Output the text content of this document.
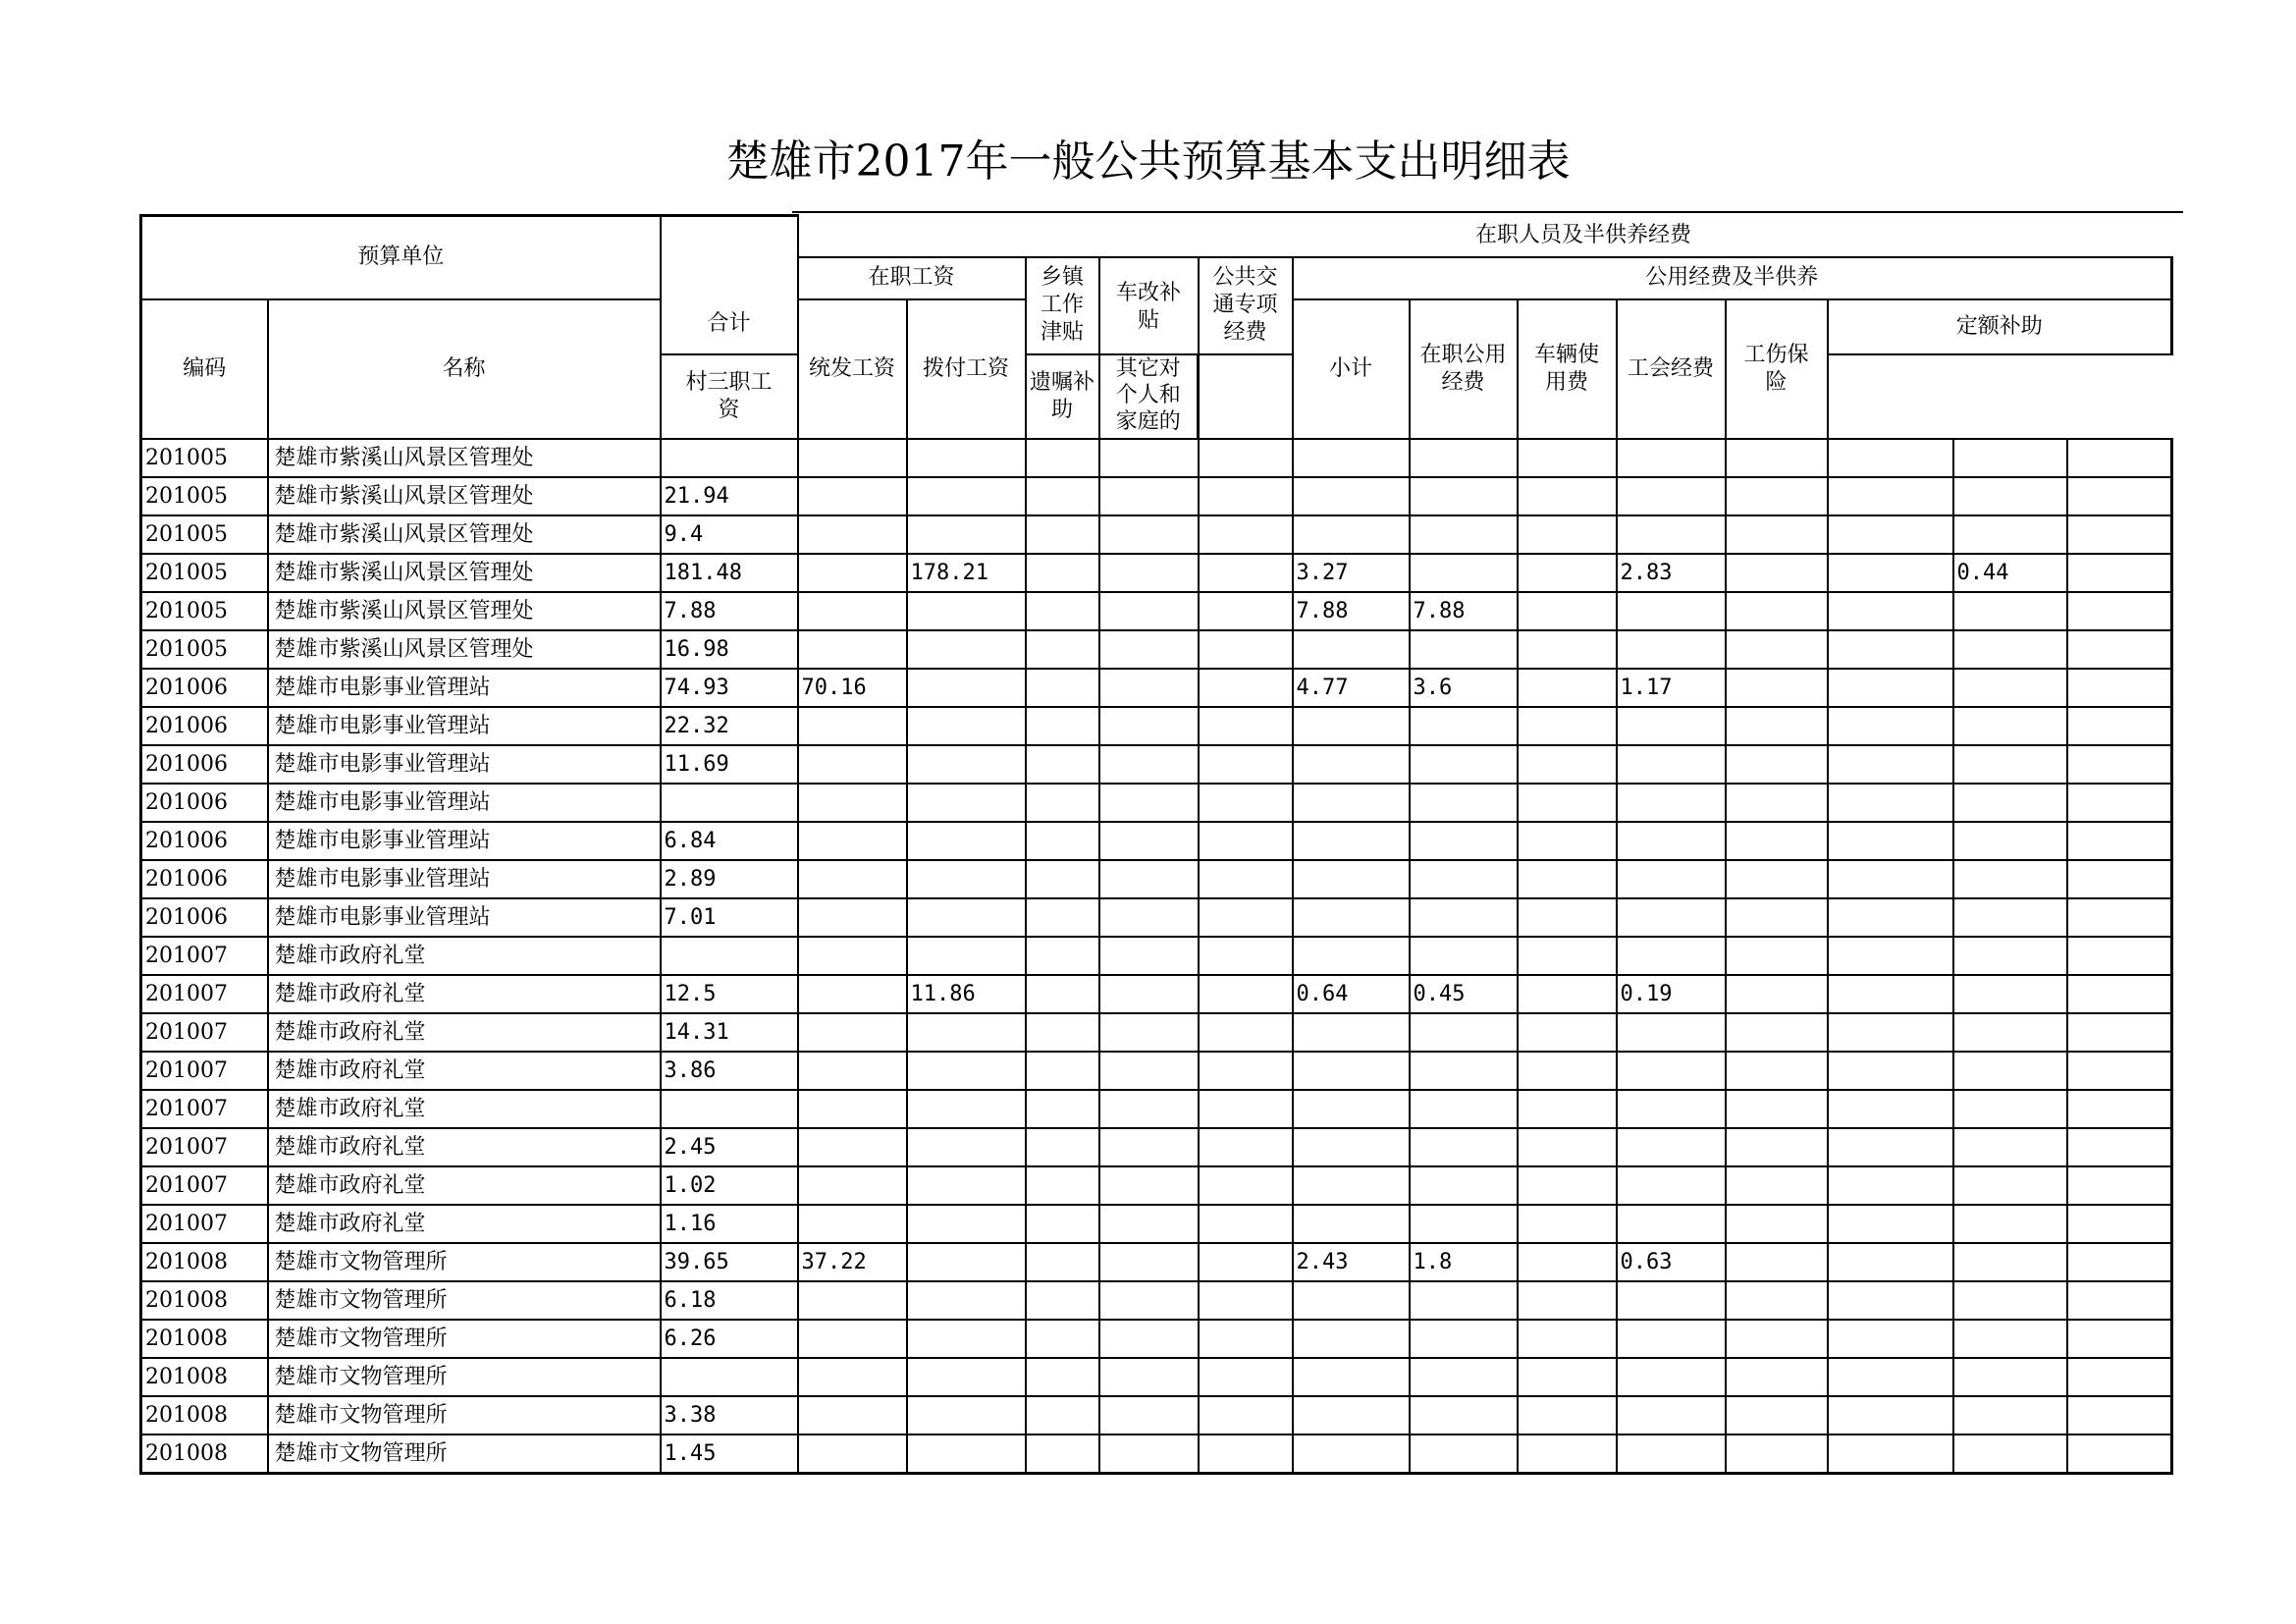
楚雄市2017年一般公共预算基本支出明细表
预算单位		合计	在职人员及半供养经费												
			在职工资		乡镇工作津贴	车改补贴	公共交通专项经费	公用经费及半供养							
编码	名称		统发工资	拨付工资				小计	在职公用经费	车辆使用费	工会经费	工伤保险	定额补助		
		村三职工资			遗嘱补助	其它对个人和家庭的									
201005	楚雄市紫溪山风景区管理处														
201005	楚雄市紫溪山风景区管理处	21.94													
201005	楚雄市紫溪山风景区管理处	9.4													
201005	楚雄市紫溪山风景区管理处	181.48		178.21				3.27			2.83			0.44	
201005	楚雄市紫溪山风景区管理处	7.88						7.88	7.88						
201005	楚雄市紫溪山风景区管理处	16.98													
201006	楚雄市电影事业管理站	74.93	70.16					4.77	3.6		1.17				
201006	楚雄市电影事业管理站	22.32													
201006	楚雄市电影事业管理站	11.69													
201006	楚雄市电影事业管理站														
201006	楚雄市电影事业管理站	6.84													
201006	楚雄市电影事业管理站	2.89													
201006	楚雄市电影事业管理站	7.01													
201007	楚雄市政府礼堂														
201007	楚雄市政府礼堂	12.5		11.86				0.64	0.45		0.19				
201007	楚雄市政府礼堂	14.31													
201007	楚雄市政府礼堂	3.86													
201007	楚雄市政府礼堂														
201007	楚雄市政府礼堂	2.45													
201007	楚雄市政府礼堂	1.02													
201007	楚雄市政府礼堂	1.16													
201008	楚雄市文物管理所	39.65	37.22					2.43	1.8		0.63				
201008	楚雄市文物管理所	6.18													
201008	楚雄市文物管理所	6.26													
201008	楚雄市文物管理所														
201008	楚雄市文物管理所	3.38													
201008	楚雄市文物管理所	1.45													
